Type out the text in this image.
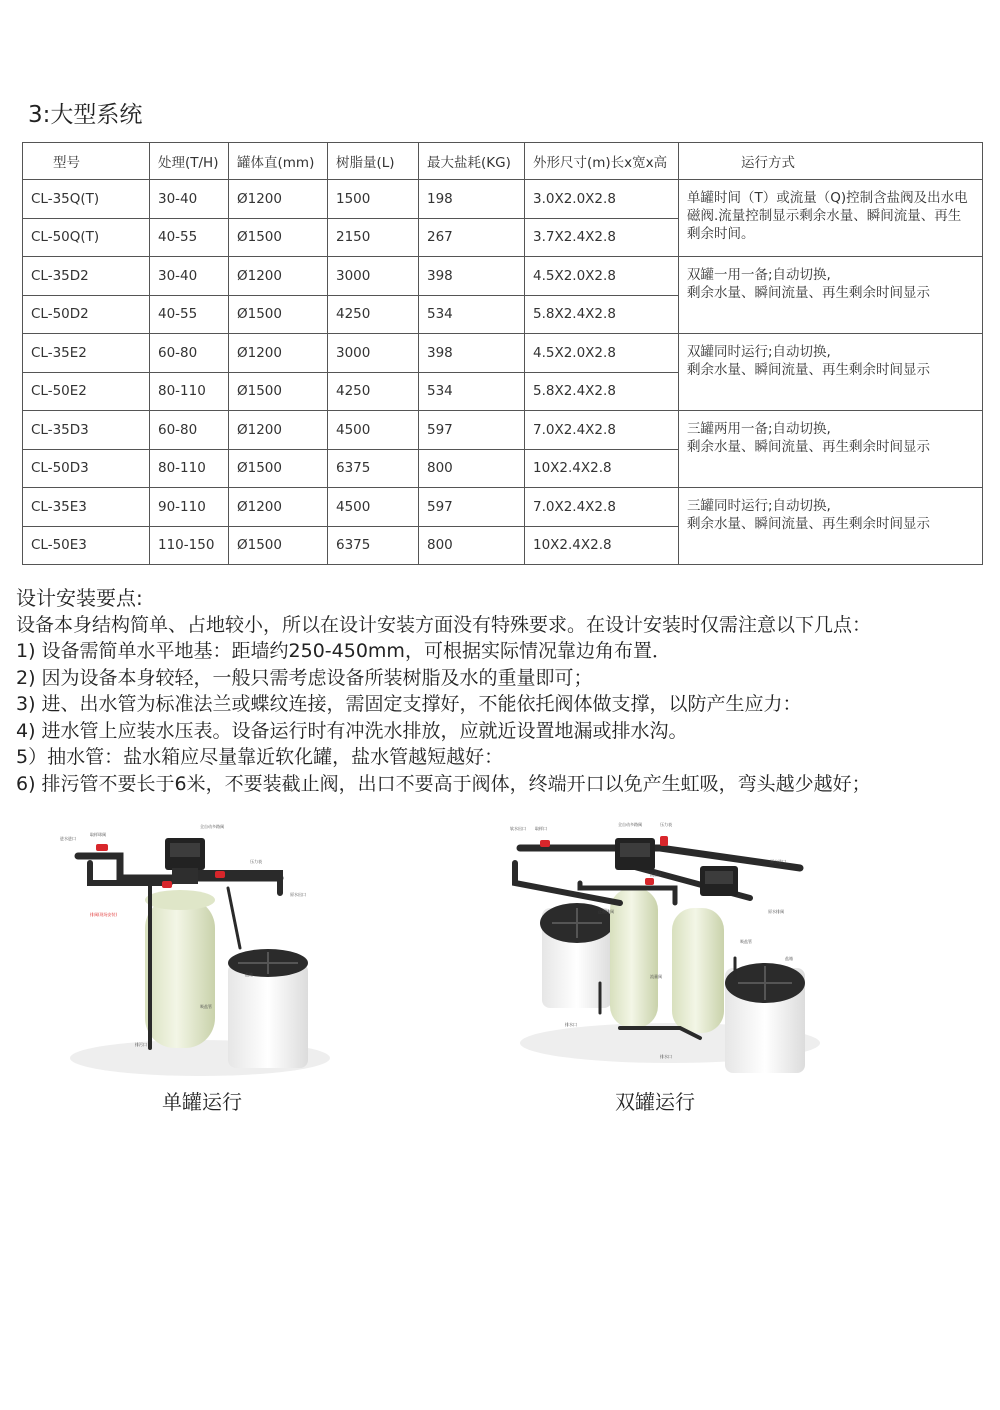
3:大型系统
型号	处理(T/H)	罐体直(mm)	树脂量(L)	最大盐耗(KG)	外形尺寸(m)长x宽x高	运行方式
CL-35Q(T)	30-40	Ø1200	1500	198	3.0X2.0X2.8	单罐时间（T）或流量（Q)控制含盐阀及出水电磁阀.流量控制显示剩余水量、瞬间流量、再生剩余时间。
CL-50Q(T)	40-55	Ø1500	2150	267	3.7X2.4X2.8	
CL-35D2	30-40	Ø1200	3000	398	4.5X2.0X2.8	双罐一用一备;自动切换,
剩余水量、瞬间流量、再生剩余时间显示
CL-50D2	40-55	Ø1500	4250	534	5.8X2.4X2.8	
CL-35E2	60-80	Ø1200	3000	398	4.5X2.0X2.8	双罐同时运行;自动切换,
剩余水量、瞬间流量、再生剩余时间显示
CL-50E2	80-110	Ø1500	4250	534	5.8X2.4X2.8	
CL-35D3	60-80	Ø1200	4500	597	7.0X2.4X2.8	三罐两用一备;自动切换,
剩余水量、瞬间流量、再生剩余时间显示
CL-50D3	80-110	Ø1500	6375	800	10X2.4X2.8	
CL-35E3	90-110	Ø1200	4500	597	7.0X2.4X2.8	三罐同时运行;自动切换,
剩余水量、瞬间流量、再生剩余时间显示
CL-50E3	110-150	Ø1500	6375	800	10X2.4X2.8	
设计安装要点:
设备本身结构简单、占地较小，所以在设计安装方面没有特殊要求。在设计安装时仅需注意以下几点：
1) 设备需简单水平地基：距墙约250-450mm，可根据实际情况靠边角布置．
2) 因为设备本身较轻，一般只需考虑设备所装树脂及水的重量即可；
3) 进、出水管为标准法兰或蝶纹连接，需固定支撑好，不能依托阀体做支撑，以防产生应力：
4) 进水管上应装水压表。设备运行时有冲洗水排放，应就近设置地漏或排水沟。
5）抽水管：盐水箱应尽量靠近软化罐，盐水管越短越好：
6) 排污管不要长于6米，不要装截止阀，出口不要高于阀体，终端开口以免产生虹吸，弯头越少越好；
进水进口
取样球阀
全自动多路阀
压力表
原水出口
排阀(现场安装)
盐箱
吸盐管
排污口
软水出口 取样口
全自动多路阀	压力表
原水进口
流量计
原水排阀
正面排阀
流量阀
吸盐管
盐箱
排水口
排水口
单罐运行	双罐运行
